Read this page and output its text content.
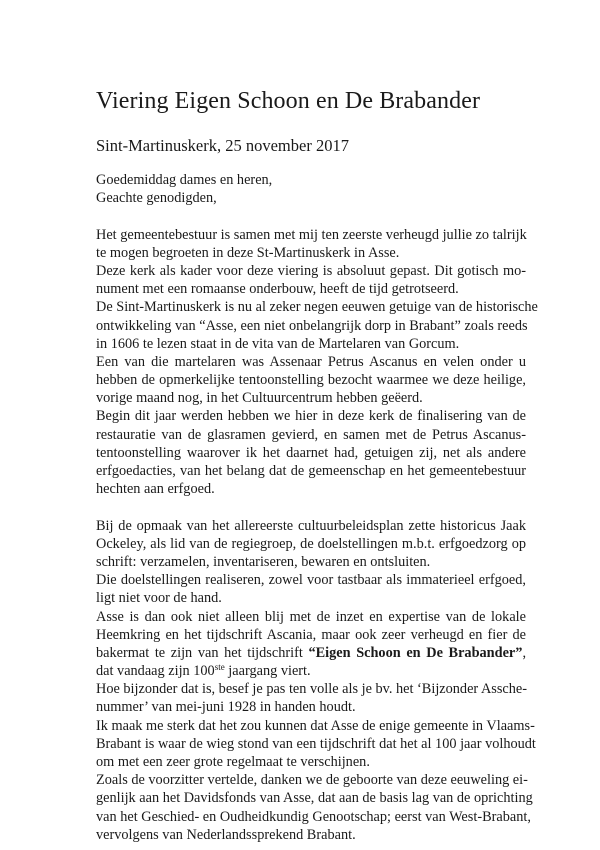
Viering Eigen Schoon en De Brabander
Sint-Martinuskerk, 25 november 2017
Goedemiddag dames en heren,
Geachte genodigden,
Het gemeentebestuur is samen met mij ten zeerste verheugd jullie zo talrijk
te mogen begroeten in deze St-Martinuskerk in Asse.
Deze kerk als kader voor deze viering is absoluut gepast. Dit gotisch mo-
nument met een romaanse onderbouw, heeft de tijd getrotseerd.
De Sint-Martinuskerk is nu al zeker negen eeuwen getuige van de historische
ontwikkeling van “Asse, een niet onbelangrijk dorp in Brabant” zoals reeds
in 1606 te lezen staat in de vita van de Martelaren van Gorcum.
Een van die martelaren was Assenaar Petrus Ascanus en velen onder u
hebben de opmerkelijke tentoonstelling bezocht waarmee we deze heilige,
vorige maand nog, in het Cultuurcentrum hebben geëerd.
Begin dit jaar werden hebben we hier in deze kerk de finalisering van de
restauratie van de glasramen gevierd, en samen met de Petrus Ascanus-
tentoonstelling waarover ik het daarnet had, getuigen zij, net als andere
erfgoedacties, van het belang dat de gemeenschap en het gemeentebestuur
hechten aan erfgoed.
Bij de opmaak van het allereerste cultuurbeleidsplan zette historicus Jaak
Ockeley, als lid van de regiegroep, de doelstellingen m.b.t. erfgoedzorg op
schrift: verzamelen, inventariseren, bewaren en ontsluiten.
Die doelstellingen realiseren, zowel voor tastbaar als immaterieel erfgoed,
ligt niet voor de hand.
Asse is dan ook niet alleen blij met de inzet en expertise van de lokale
Heemkring en het tijdschrift Ascania, maar ook zeer verheugd en fier de
bakermat te zijn van het tijdschrift “Eigen Schoon en De Brabander”,
dat vandaag zijn 100ste jaargang viert.
Hoe bijzonder dat is, besef je pas ten volle als je bv. het ‘Bijzonder Assche-
nummer’ van mei-juni 1928 in handen houdt.
Ik maak me sterk dat het zou kunnen dat Asse de enige gemeente in Vlaams-
Brabant is waar de wieg stond van een tijdschrift dat het al 100 jaar volhoudt
om met een zeer grote regelmaat te verschijnen.
Zoals de voorzitter vertelde, danken we de geboorte van deze eeuweling ei-
genlijk aan het Davidsfonds van Asse, dat aan de basis lag van de oprichting
van het Geschied- en Oudheidkundig Genootschap; eerst van West-Brabant,
vervolgens van Nederlandssprekend Brabant.
